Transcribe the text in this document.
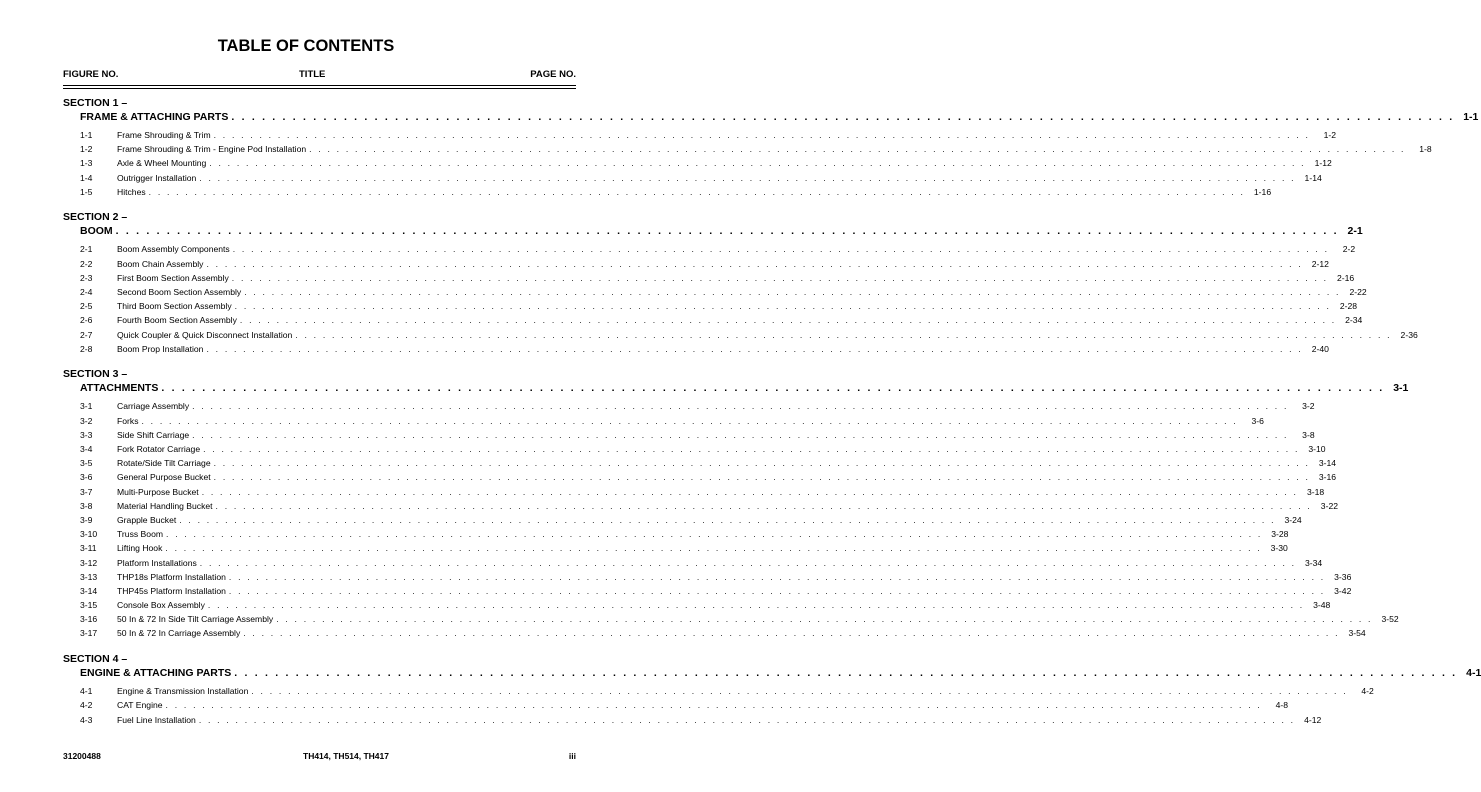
TABLE OF CONTENTS
FIGURE NO.	TITLE	PAGE NO.
SECTION 1 –
FRAME & ATTACHING PARTS . . . . . . . . . . . . . . . . . . . . . . . . . . . . . . . . . . . . . . . . . . . . . . . . . . . . . . . . . . . . . . . . . . . . . . . . . . . . . . . . . . . . . . . . . . . . . . . . . . . . . . . . . . . . . . . . . . . . . . . . 1-1
1-1	Frame Shrouding & Trim . . . . . . . . . . . . . . . . . . . . . . . . . . . . . . . . . . . . . . . . . . . . . . . . . . . . . . . . . . . . . . . . . . . . . . . . . . . . . . . . . . . . . . . . . . . . . . . . . . . . . . . . . . . . . . . . . . . . . . . .	1-2
1-2	Frame Shrouding & Trim - Engine Pod Installation . . . . . . . . . . . . . . . . . . . . . . . . . . . . . . . . . . . . . . . . . . . . . . . . . . . . . . . . . . . . . . . . . . . . . . . . . . . . . . . . . . . . . . . . . . . . . . . . . . . . . . . . . . . . . . . . . . . . . . . .	1-8
1-3	Axle & Wheel Mounting . . . . . . . . . . . . . . . . . . . . . . . . . . . . . . . . . . . . . . . . . . . . . . . . . . . . . . . . . . . . . . . . . . . . . . . . . . . . . . . . . . . . . . . . . . . . . . . . . . . . . . . . . . . . . . . . . . . . . . . .	1-12
1-4	Outrigger Installation . . . . . . . . . . . . . . . . . . . . . . . . . . . . . . . . . . . . . . . . . . . . . . . . . . . . . . . . . . . . . . . . . . . . . . . . . . . . . . . . . . . . . . . . . . . . . . . . . . . . . . . . . . . . . . . . . . . . . . . .	1-14
1-5	Hitches . . . . . . . . . . . . . . . . . . . . . . . . . . . . . . . . . . . . . . . . . . . . . . . . . . . . . . . . . . . . . . . . . . . . . . . . . . . . . . . . . . . . . . . . . . . . . . . . . . . . . . . . . . . . . . . . . . . . . . . .	1-16
SECTION 2 –
BOOM . . . . . . . . . . . . . . . . . . . . . . . . . . . . . . . . . . . . . . . . . . . . . . . . . . . . . . . . . . . . . . . . . . . . . . . . . . . . . . . . . . . . . . . . . . . . . . . . . . . . . . . . . . . . . . . . . . . . . . . . 2-1
2-1	Boom Assembly Components . . . . . . . . . . . . . . . . . . . . . . . . . . . . . . . . . . . . . . . . . . . . . . . . . . . . . . . . . . . . . . . . . . . . . . . . . . . . . . . . . . . . . . . . . . . . . . . . . . . . . . . . . . . . . . . . . . . . . . . .	2-2
2-2	Boom Chain Assembly . . . . . . . . . . . . . . . . . . . . . . . . . . . . . . . . . . . . . . . . . . . . . . . . . . . . . . . . . . . . . . . . . . . . . . . . . . . . . . . . . . . . . . . . . . . . . . . . . . . . . . . . . . . . . . . . . . . . . . . .	2-12
2-3	First Boom Section Assembly . . . . . . . . . . . . . . . . . . . . . . . . . . . . . . . . . . . . . . . . . . . . . . . . . . . . . . . . . . . . . . . . . . . . . . . . . . . . . . . . . . . . . . . . . . . . . . . . . . . . . . . . . . . . . . . . . . . . . . . .	2-16
2-4	Second Boom Section Assembly . . . . . . . . . . . . . . . . . . . . . . . . . . . . . . . . . . . . . . . . . . . . . . . . . . . . . . . . . . . . . . . . . . . . . . . . . . . . . . . . . . . . . . . . . . . . . . . . . . . . . . . . . . . . . . . . . . . . . . . .	2-22
2-5	Third Boom Section Assembly . . . . . . . . . . . . . . . . . . . . . . . . . . . . . . . . . . . . . . . . . . . . . . . . . . . . . . . . . . . . . . . . . . . . . . . . . . . . . . . . . . . . . . . . . . . . . . . . . . . . . . . . . . . . . . . . . . . . . . . .	2-28
2-6	Fourth Boom Section Assembly . . . . . . . . . . . . . . . . . . . . . . . . . . . . . . . . . . . . . . . . . . . . . . . . . . . . . . . . . . . . . . . . . . . . . . . . . . . . . . . . . . . . . . . . . . . . . . . . . . . . . . . . . . . . . . . . . . . . . . . .	2-34
2-7	Quick Coupler & Quick Disconnect Installation . . . . . . . . . . . . . . . . . . . . . . . . . . . . . . . . . . . . . . . . . . . . . . . . . . . . . . . . . . . . . . . . . . . . . . . . . . . . . . . . . . . . . . . . . . . . . . . . . . . . . . . . . . . . . . . . . . . . . . . .	2-36
2-8	Boom Prop Installation . . . . . . . . . . . . . . . . . . . . . . . . . . . . . . . . . . . . . . . . . . . . . . . . . . . . . . . . . . . . . . . . . . . . . . . . . . . . . . . . . . . . . . . . . . . . . . . . . . . . . . . . . . . . . . . . . . . . . . . .	2-40
SECTION 3 –
ATTACHMENTS . . . . . . . . . . . . . . . . . . . . . . . . . . . . . . . . . . . . . . . . . . . . . . . . . . . . . . . . . . . . . . . . . . . . . . . . . . . . . . . . . . . . . . . . . . . . . . . . . . . . . . . . . . . . . . . . . . . . . . . . 3-1
3-1	Carriage Assembly . . . . . . . . . . . . . . . . . . . . . . . . . . . . . . . . . . . . . . . . . . . . . . . . . . . . . . . . . . . . . . . . . . . . . . . . . . . . . . . . . . . . . . . . . . . . . . . . . . . . . . . . . . . . . . . . . . . . . . . .	3-2
3-2	Forks . . . . . . . . . . . . . . . . . . . . . . . . . . . . . . . . . . . . . . . . . . . . . . . . . . . . . . . . . . . . . . . . . . . . . . . . . . . . . . . . . . . . . . . . . . . . . . . . . . . . . . . . . . . . . . . . . . . . . . . .	3-6
3-3	Side Shift Carriage . . . . . . . . . . . . . . . . . . . . . . . . . . . . . . . . . . . . . . . . . . . . . . . . . . . . . . . . . . . . . . . . . . . . . . . . . . . . . . . . . . . . . . . . . . . . . . . . . . . . . . . . . . . . . . . . . . . . . . . .	3-8
3-4	Fork Rotator Carriage . . . . . . . . . . . . . . . . . . . . . . . . . . . . . . . . . . . . . . . . . . . . . . . . . . . . . . . . . . . . . . . . . . . . . . . . . . . . . . . . . . . . . . . . . . . . . . . . . . . . . . . . . . . . . . . . . . . . . . . .	3-10
3-5	Rotate/Side Tilt Carriage . . . . . . . . . . . . . . . . . . . . . . . . . . . . . . . . . . . . . . . . . . . . . . . . . . . . . . . . . . . . . . . . . . . . . . . . . . . . . . . . . . . . . . . . . . . . . . . . . . . . . . . . . . . . . . . . . . . . . . . .	3-14
3-6	General Purpose Bucket . . . . . . . . . . . . . . . . . . . . . . . . . . . . . . . . . . . . . . . . . . . . . . . . . . . . . . . . . . . . . . . . . . . . . . . . . . . . . . . . . . . . . . . . . . . . . . . . . . . . . . . . . . . . . . . . . . . . . . . .	3-16
3-7	Multi-Purpose Bucket . . . . . . . . . . . . . . . . . . . . . . . . . . . . . . . . . . . . . . . . . . . . . . . . . . . . . . . . . . . . . . . . . . . . . . . . . . . . . . . . . . . . . . . . . . . . . . . . . . . . . . . . . . . . . . . . . . . . . . . .	3-18
3-8	Material Handling Bucket . . . . . . . . . . . . . . . . . . . . . . . . . . . . . . . . . . . . . . . . . . . . . . . . . . . . . . . . . . . . . . . . . . . . . . . . . . . . . . . . . . . . . . . . . . . . . . . . . . . . . . . . . . . . . . . . . . . . . . . .	3-22
3-9	Grapple Bucket . . . . . . . . . . . . . . . . . . . . . . . . . . . . . . . . . . . . . . . . . . . . . . . . . . . . . . . . . . . . . . . . . . . . . . . . . . . . . . . . . . . . . . . . . . . . . . . . . . . . . . . . . . . . . . . . . . . . . . . .	3-24
3-10	Truss Boom . . . . . . . . . . . . . . . . . . . . . . . . . . . . . . . . . . . . . . . . . . . . . . . . . . . . . . . . . . . . . . . . . . . . . . . . . . . . . . . . . . . . . . . . . . . . . . . . . . . . . . . . . . . . . . . . . . . . . . . .	3-28
3-11	Lifting Hook . . . . . . . . . . . . . . . . . . . . . . . . . . . . . . . . . . . . . . . . . . . . . . . . . . . . . . . . . . . . . . . . . . . . . . . . . . . . . . . . . . . . . . . . . . . . . . . . . . . . . . . . . . . . . . . . . . . . . . . .	3-30
3-12	Platform Installations . . . . . . . . . . . . . . . . . . . . . . . . . . . . . . . . . . . . . . . . . . . . . . . . . . . . . . . . . . . . . . . . . . . . . . . . . . . . . . . . . . . . . . . . . . . . . . . . . . . . . . . . . . . . . . . . . . . . . . . .	3-34
3-13	THP18s Platform Installation . . . . . . . . . . . . . . . . . . . . . . . . . . . . . . . . . . . . . . . . . . . . . . . . . . . . . . . . . . . . . . . . . . . . . . . . . . . . . . . . . . . . . . . . . . . . . . . . . . . . . . . . . . . . . . . . . . . . . . . .	3-36
3-14	THP45s Platform Installation . . . . . . . . . . . . . . . . . . . . . . . . . . . . . . . . . . . . . . . . . . . . . . . . . . . . . . . . . . . . . . . . . . . . . . . . . . . . . . . . . . . . . . . . . . . . . . . . . . . . . . . . . . . . . . . . . . . . . . . .	3-42
3-15	Console Box Assembly . . . . . . . . . . . . . . . . . . . . . . . . . . . . . . . . . . . . . . . . . . . . . . . . . . . . . . . . . . . . . . . . . . . . . . . . . . . . . . . . . . . . . . . . . . . . . . . . . . . . . . . . . . . . . . . . . . . . . . . .	3-48
3-16	50 In & 72 In Side Tilt Carriage Assembly . . . . . . . . . . . . . . . . . . . . . . . . . . . . . . . . . . . . . . . . . . . . . . . . . . . . . . . . . . . . . . . . . . . . . . . . . . . . . . . . . . . . . . . . . . . . . . . . . . . . . . . . . . . . . . . . . . . . . . . .	3-52
3-17	50 In & 72 In Carriage Assembly . . . . . . . . . . . . . . . . . . . . . . . . . . . . . . . . . . . . . . . . . . . . . . . . . . . . . . . . . . . . . . . . . . . . . . . . . . . . . . . . . . . . . . . . . . . . . . . . . . . . . . . . . . . . . . . . . . . . . . . .	3-54
SECTION 4 –
ENGINE & ATTACHING PARTS . . . . . . . . . . . . . . . . . . . . . . . . . . . . . . . . . . . . . . . . . . . . . . . . . . . . . . . . . . . . . . . . . . . . . . . . . . . . . . . . . . . . . . . . . . . . . . . . . . . . . . . . . . . . . . . . . . . . . . . . 4-1
4-1	Engine & Transmission Installation . . . . . . . . . . . . . . . . . . . . . . . . . . . . . . . . . . . . . . . . . . . . . . . . . . . . . . . . . . . . . . . . . . . . . . . . . . . . . . . . . . . . . . . . . . . . . . . . . . . . . . . . . . . . . . . . . . . . . . . .	4-2
4-2	CAT Engine . . . . . . . . . . . . . . . . . . . . . . . . . . . . . . . . . . . . . . . . . . . . . . . . . . . . . . . . . . . . . . . . . . . . . . . . . . . . . . . . . . . . . . . . . . . . . . . . . . . . . . . . . . . . . . . . . . . . . . . .	4-8
4-3	Fuel Line Installation . . . . . . . . . . . . . . . . . . . . . . . . . . . . . . . . . . . . . . . . . . . . . . . . . . . . . . . . . . . . . . . . . . . . . . . . . . . . . . . . . . . . . . . . . . . . . . . . . . . . . . . . . . . . . . . . . . . . . . . .	4-12
31200488	TH414, TH514, TH417	iii
